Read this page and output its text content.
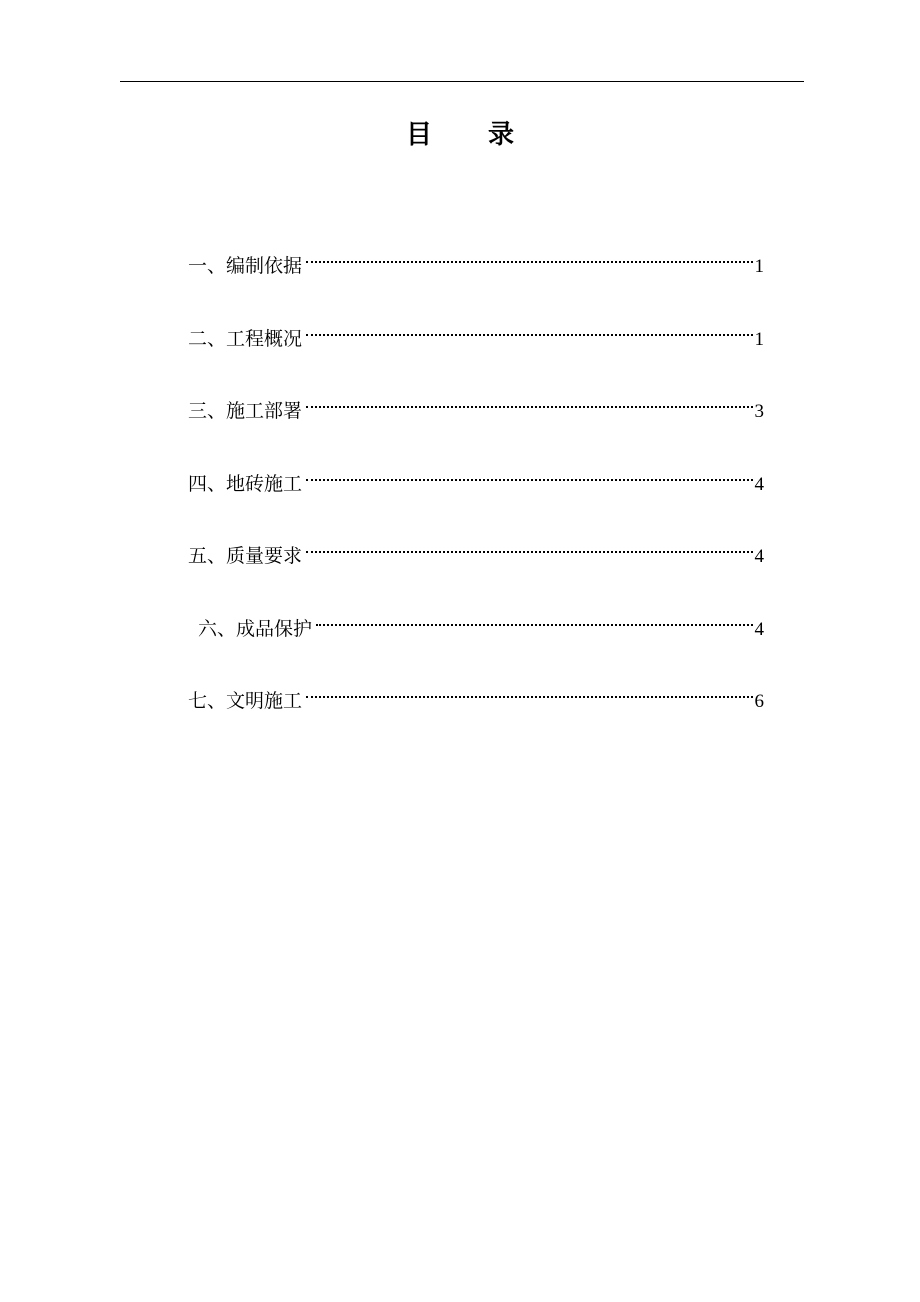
目 录
一、编制依据	1
二、工程概况	1
三、施工部署	3
四、地砖施工	4
五、质量要求	4
六、成品保护	4
七、文明施工	6
